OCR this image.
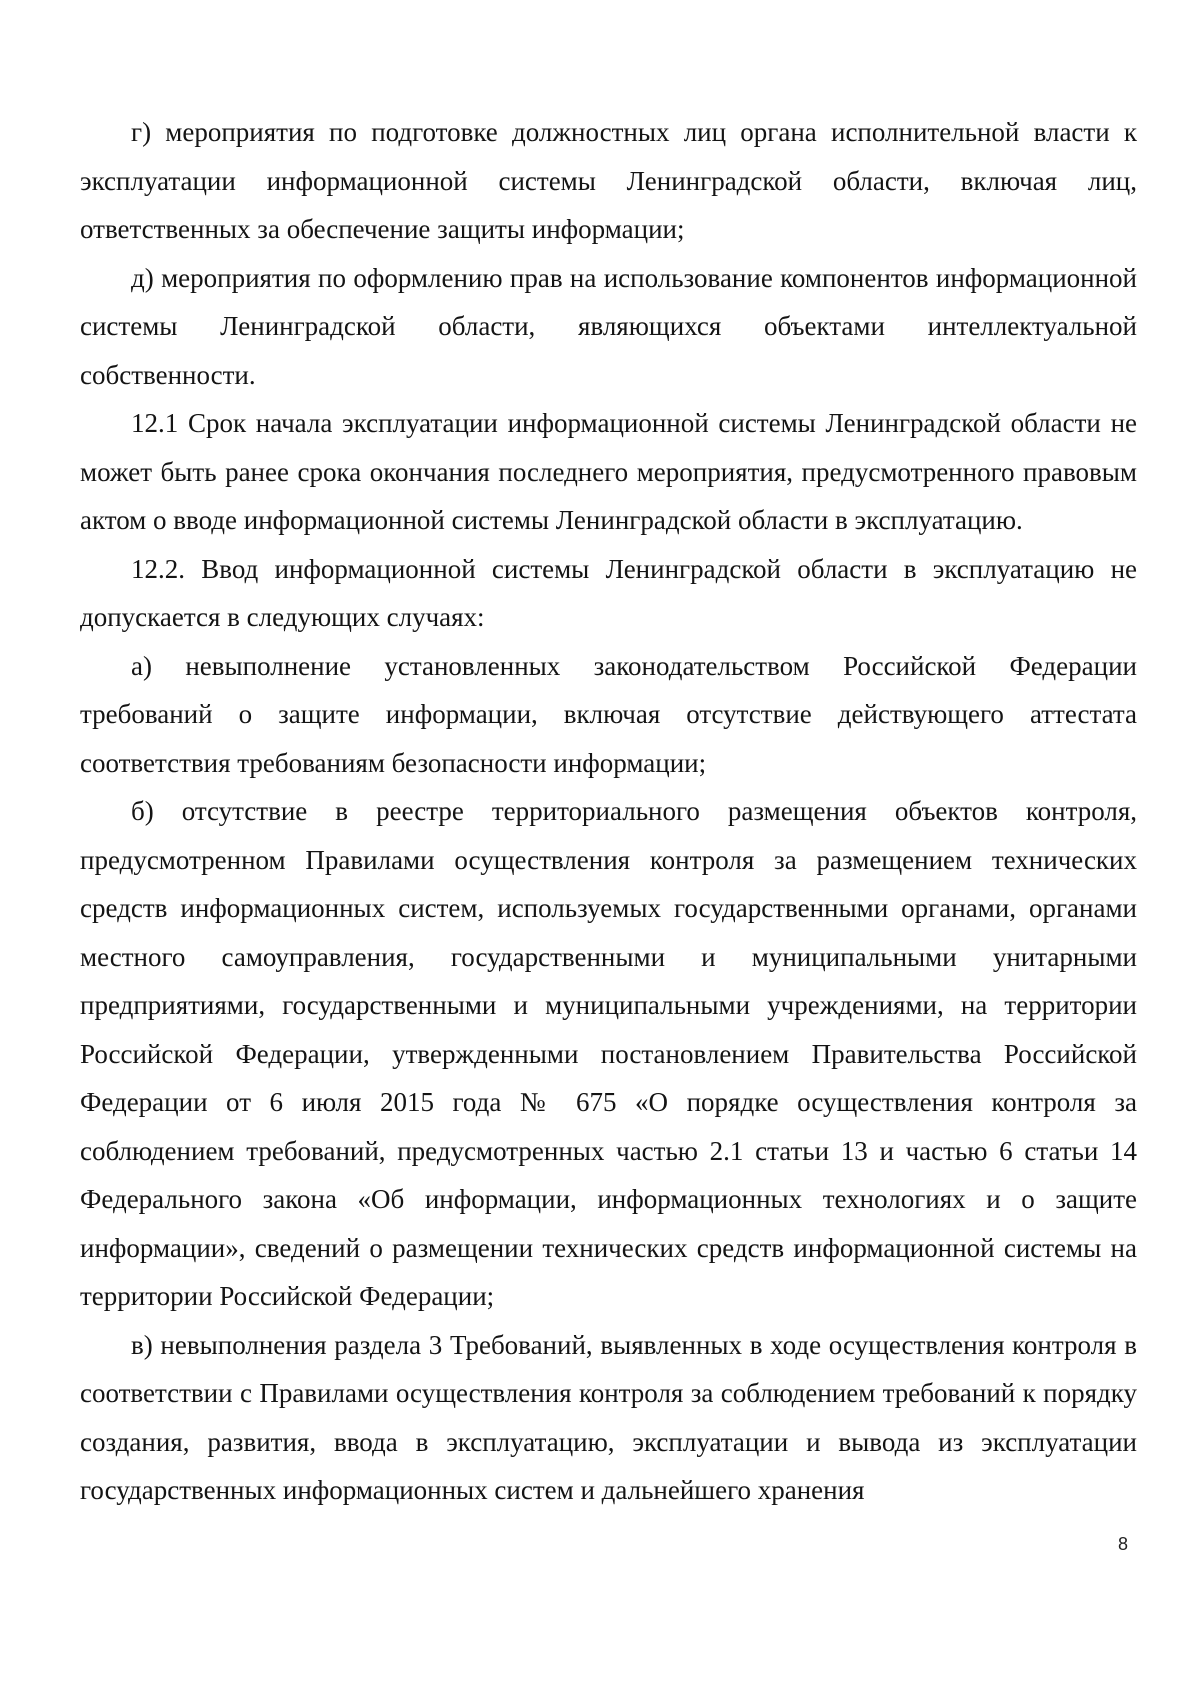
г) мероприятия по подготовке должностных лиц органа исполнительной власти к эксплуатации информационной системы Ленинградской области, включая лиц, ответственных за обеспечение защиты информации;

д) мероприятия по оформлению прав на использование компонентов информационной системы Ленинградской области, являющихся объектами интеллектуальной собственности.

12.1 Срок начала эксплуатации информационной системы Ленинградской области не может быть ранее срока окончания последнего мероприятия, предусмотренного правовым актом о вводе информационной системы Ленинградской области в эксплуатацию.

12.2. Ввод информационной системы Ленинградской области в эксплуатацию не допускается в следующих случаях:

а) невыполнение установленных законодательством Российской Федерации требований о защите информации, включая отсутствие действующего аттестата соответствия требованиям безопасности информации;

б) отсутствие в реестре территориального размещения объектов контроля, предусмотренном Правилами осуществления контроля за размещением технических средств информационных систем, используемых государственными органами, органами местного самоуправления, государственными и муниципальными унитарными предприятиями, государственными и муниципальными учреждениями, на территории Российской Федерации, утвержденными постановлением Правительства Российской Федерации от 6 июля 2015 года № 675 «О порядке осуществления контроля за соблюдением требований, предусмотренных частью 2.1 статьи 13 и частью 6 статьи 14 Федерального закона «Об информации, информационных технологиях и о защите информации», сведений о размещении технических средств информационной системы на территории Российской Федерации;

в) невыполнения раздела 3 Требований, выявленных в ходе осуществления контроля в соответствии с Правилами осуществления контроля за соблюдением требований к порядку создания, развития, ввода в эксплуатацию, эксплуатации и вывода из эксплуатации государственных информационных систем и дальнейшего хранения

8
